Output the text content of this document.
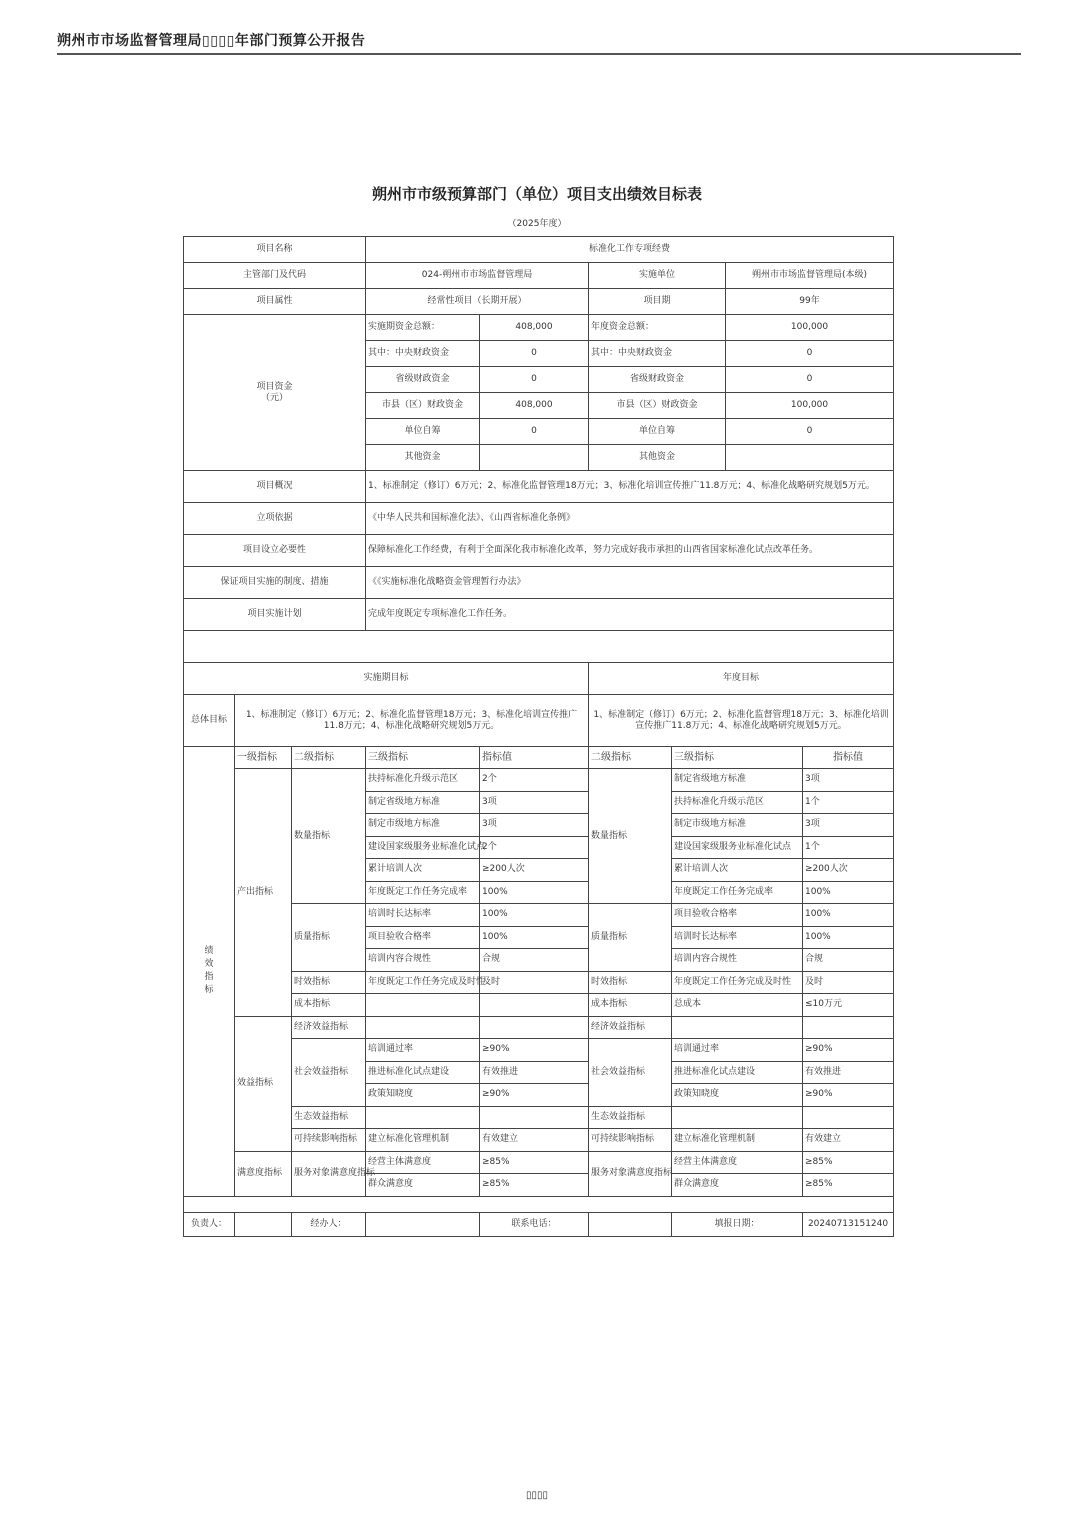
朔州市市场监督管理局▯▯▯▯年部门预算公开报告
朔州市市级预算部门（单位）项目支出绩效目标表
（2025年度）
项目名称			标准化工作专项经费					
主管部门及代码			024-朔州市市场监督管理局		实施单位		朔州市市场监督管理局(本级)	
项目属性			经常性项目（长期开展）		项目期		99年	
项目资金
（元）			实施期资金总额：	408,000	年度资金总额：		100,000	
			其中：中央财政资金	0	其中：中央财政资金		0	
			省级财政资金	0	省级财政资金		0	
			市县（区）财政资金	408,000	市县（区）财政资金		100,000	
			单位自筹	0	单位自筹		0	
			其他资金		其他资金			
项目概况			1、标准制定（修订）6万元；2、标准化监督管理18万元；3、标准化培训宣传推广11.8万元；4、标准化战略研究规划5万元。					
立项依据			《中华人民共和国标准化法》、《山西省标准化条例》					
项目设立必要性			保障标准化工作经费，有利于全面深化我市标准化改革，努力完成好我市承担的山西省国家标准化试点改革任务。					
保证项目实施的制度、措施			《《实施标准化战略资金管理暂行办法》					
项目实施计划			完成年度既定专项标准化工作任务。					

实施期目标					年度目标			
总体目标	1、标准制定（修订）6万元；2、标准化监督管理18万元；3、标准化培训宣传推广11.8万元；4、标准化战略研究规划5万元。				1、标准制定（修订）6万元；2、标准化监督管理18万元；3、标准化培训宣传推广11.8万元；4、标准化战略研究规划5万元。			
绩效指标	一级指标	二级指标	三级指标	指标值	二级指标	三级指标		指标值
	产出指标	数量指标	扶持标准化升级示范区	2个	数量指标	制定省级地方标准		3项
			制定省级地方标准	3项		扶持标准化升级示范区		1个
			制定市级地方标准	3项		制定市级地方标准		3项
			建设国家级服务业标准化试点	2个		建设国家级服务业标准化试点		1个
			累计培训人次	≥200人次		累计培训人次		≥200人次
			年度既定工作任务完成率	100%		年度既定工作任务完成率		100%
		质量指标	培训时长达标率	100%	质量指标	项目验收合格率		100%
			项目验收合格率	100%		培训时长达标率		100%
			培训内容合规性	合规		培训内容合规性		合规
		时效指标	年度既定工作任务完成及时性	及时	时效指标	年度既定工作任务完成及时性		及时
		成本指标			成本指标	总成本		≤10万元
	效益指标	经济效益指标			经济效益指标			
		社会效益指标	培训通过率	≥90%	社会效益指标	培训通过率		≥90%
			推进标准化试点建设	有效推进		推进标准化试点建设		有效推进
			政策知晓度	≥90%		政策知晓度		≥90%
		生态效益指标			生态效益指标			
		可持续影响指标	建立标准化管理机制	有效建立	可持续影响指标	建立标准化管理机制		有效建立
	满意度指标	服务对象满意度指标	经营主体满意度	≥85%	服务对象满意度指标	经营主体满意度		≥85%
			群众满意度	≥85%		群众满意度		≥85%

负责人：		经办人：		联系电话：		填报日期：		20240713151240
▯▯▯▯
